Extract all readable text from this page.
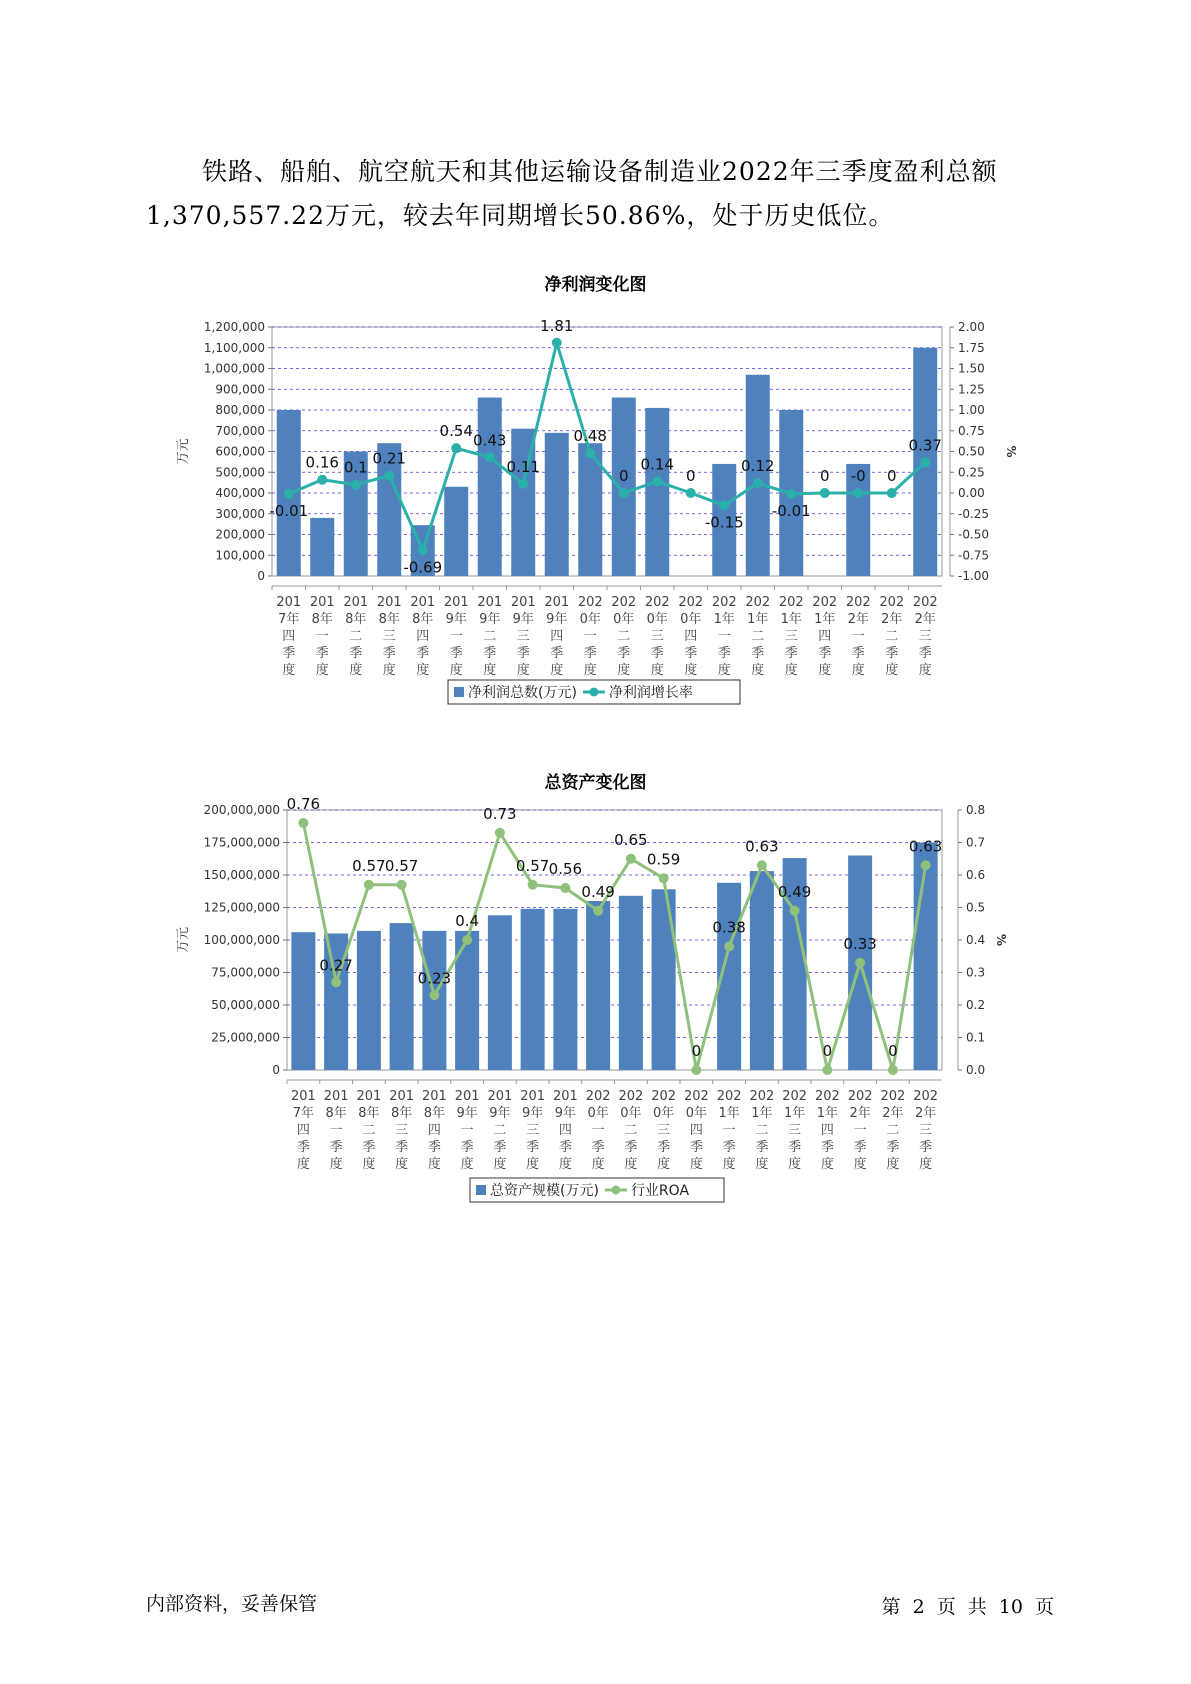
铁路、船舶、航空航天和其他运输设备制造业2022年三季度盈利总额1,370,557.22万元，较去年同期增长50.86%，处于历史低位。

净利润变化图
0
100,000
200,000
300,000
400,000
500,000
600,000
700,000
800,000
900,000
1,000,000
1,100,000
1,200,000
-1.00
-0.75
-0.50
-0.25
0.00
0.25
0.50
0.75
1.00
1.25
1.50
1.75
2.00
万元	%
-0.01
0.16 0.1
0.21
-0.69
0.54
0.43
0.11
1.81
0.48
0
0.14
0
-0.15
0.12
-0.01
0 -0 0
0.37
201
7年
四
季
度
201
8年
一
季
度
201
8年
二
季
度
201
8年
三
季
度
201
8年
四
季
度
201
9年
一
季
度
201
9年
二
季
度
201
9年
三
季
度
201
9年
四
季
度
202
0年
一
季
度
202
0年
二
季
度
202
0年
三
季
度
202
0年
四
季
度
202
1年
一
季
度
202
1年
二
季
度
202
1年
三
季
度
202
1年
四
季
度
202
2年
一
季
度
202
2年
二
季
度
202
2年
三
季
度
净利润总数(万元) 净利润增长率
总资产变化图
0
25,000,000
50,000,000
75,000,000
100,000,000
125,000,000
150,000,000
175,000,000
200,000,000
0.0
0.1
0.2
0.3
0.4
0.5
0.6
0.7
0.8
万元	%
0.76
0.27
0.57 0.57
0.23
0.4
0.73
0.57 0.56
0.49
0.65
0.59
0
0.38
0.63
0.49
0
0.33
0
0.63
201
7年
四
季
度
201
8年
一
季
度
201
8年
二
季
度
201
8年
三
季
度
201
8年
四
季
度
201
9年
一
季
度
201
9年
二
季
度
201
9年
三
季
度
201
9年
四
季
度
202
0年
一
季
度
202
0年
二
季
度
202
0年
三
季
度
202
0年
四
季
度
202
1年
一
季
度
202
1年
二
季
度
202
1年
三
季
度
202
1年
四
季
度
202
2年
一
季
度
202
2年
二
季
度
202
2年
三
季
度
总资产规模(万元) 行业ROA
内部资料，妥善保管	第 2 页 共 10 页
